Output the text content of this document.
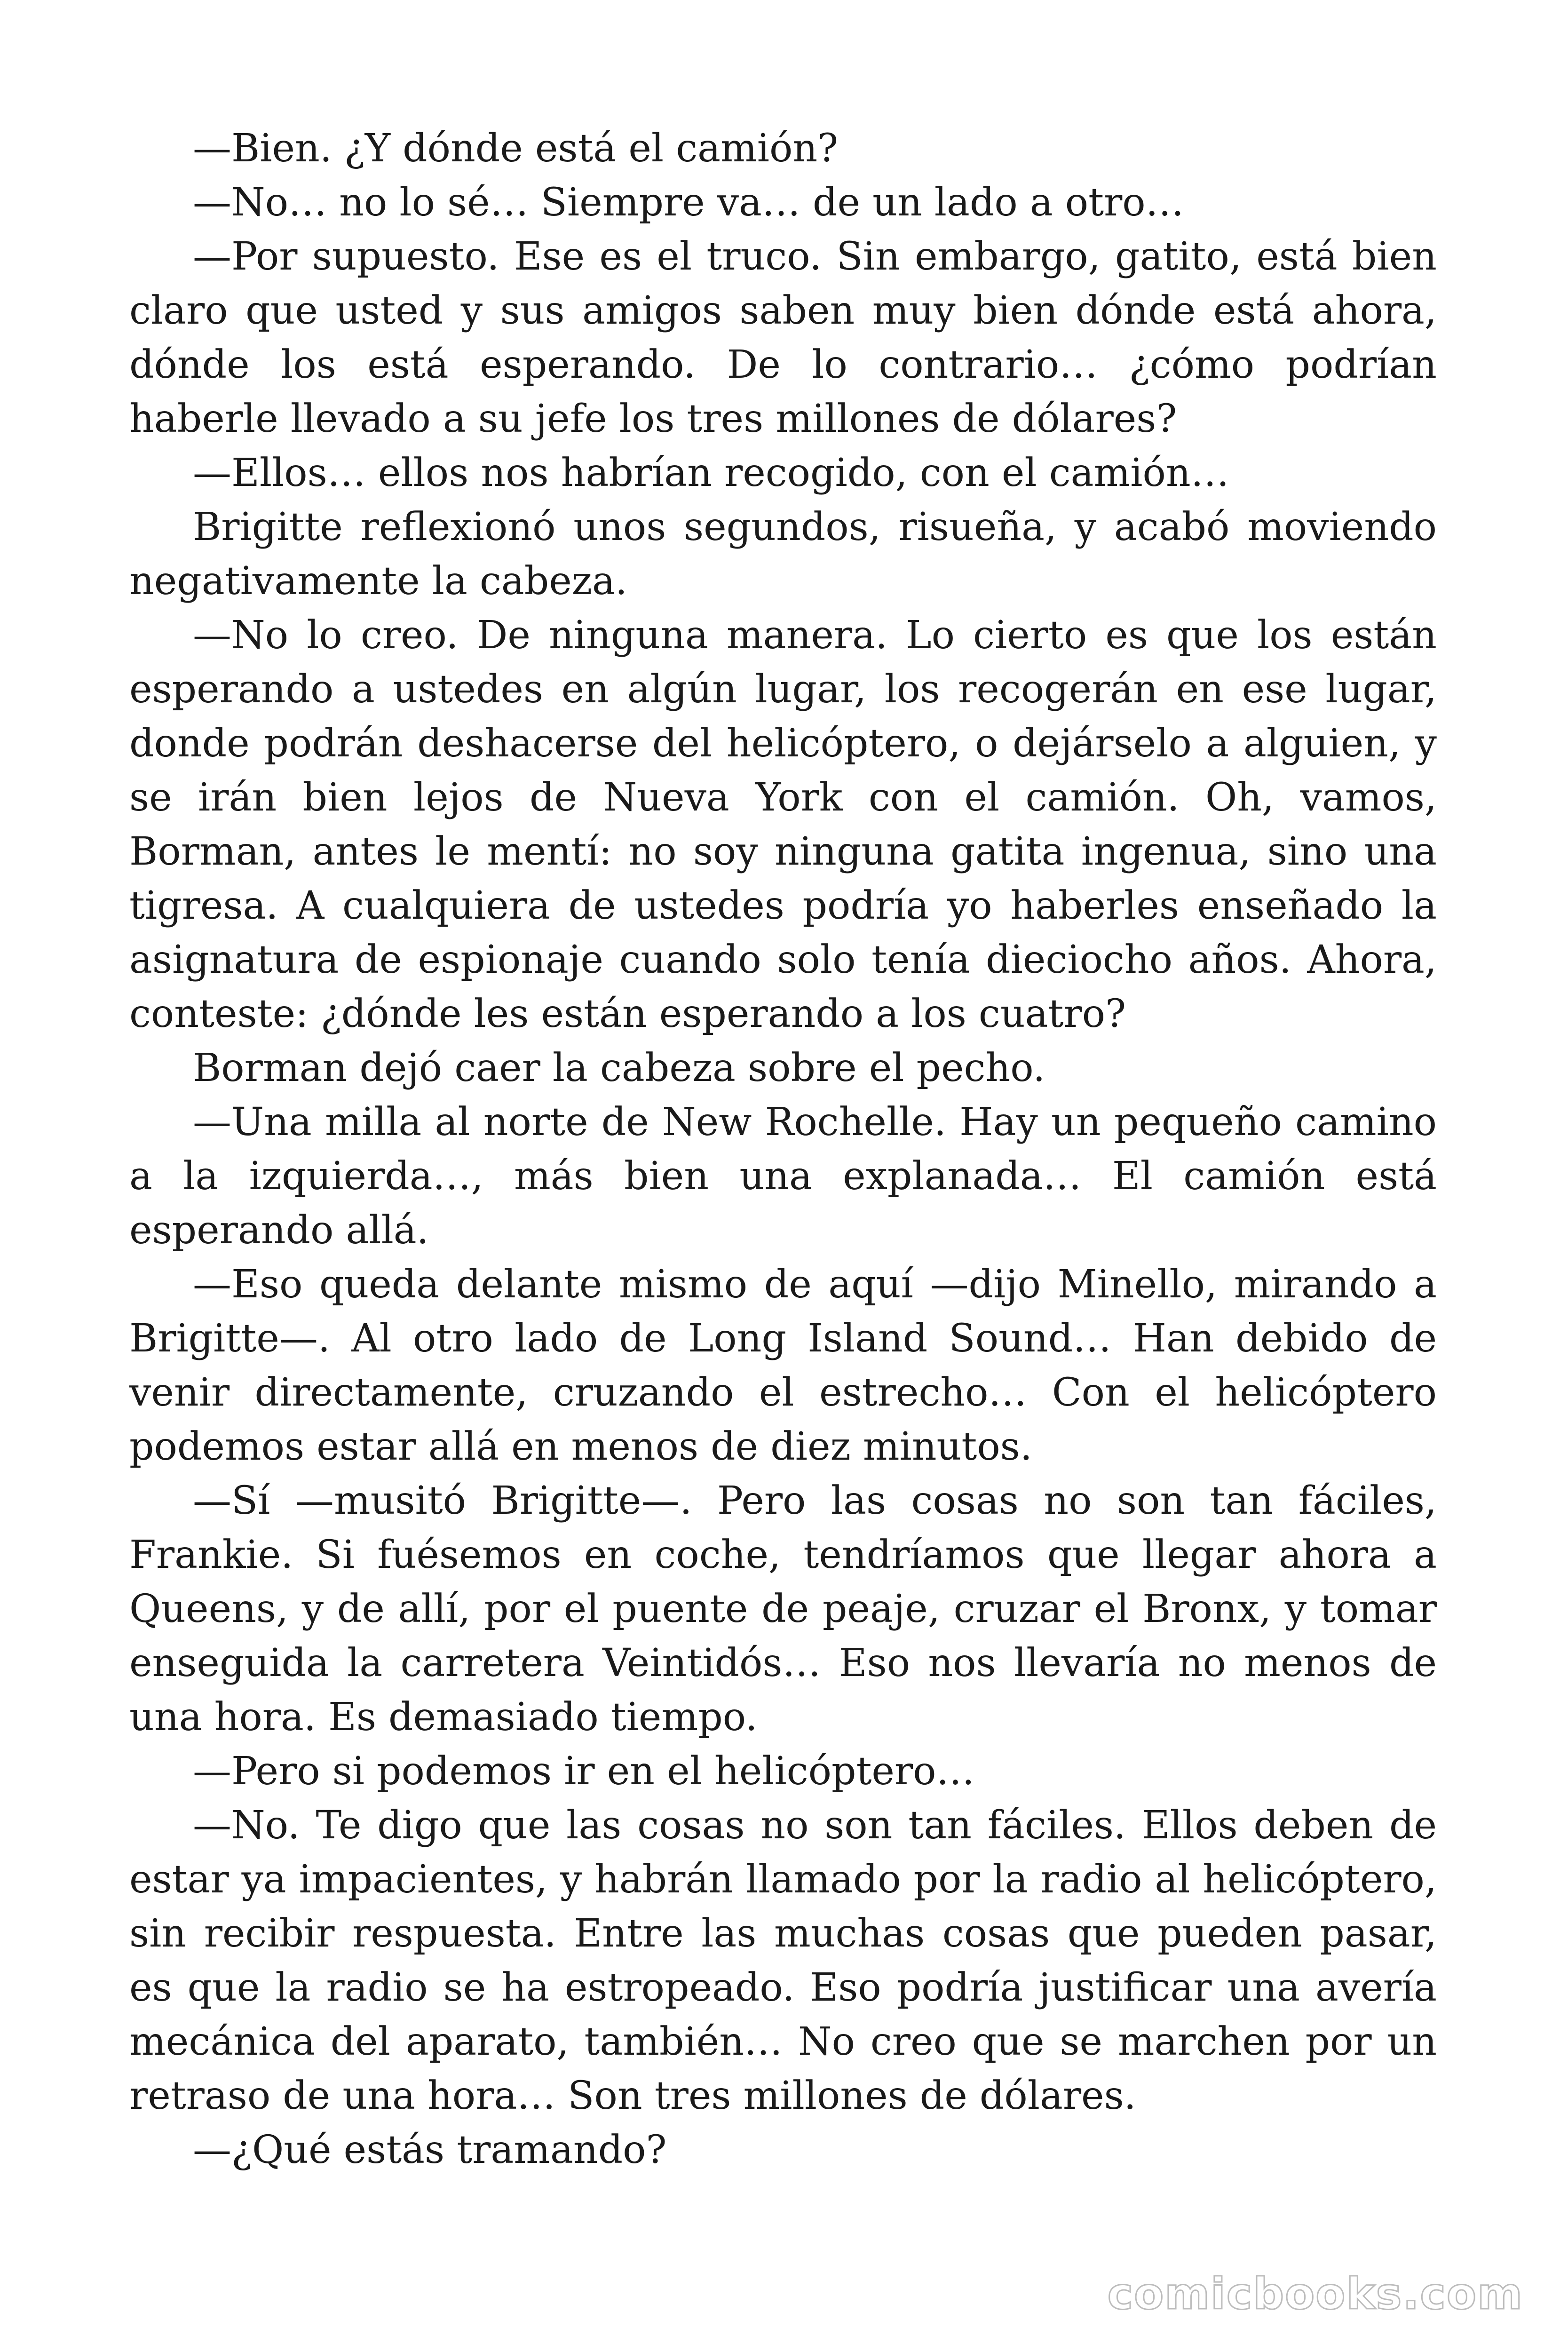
—Bien. ¿Y dónde está el camión?

—No… no lo sé… Siempre va… de un lado a otro…

—Por supuesto. Ese es el truco. Sin embargo, gatito, está bien claro que usted y sus amigos saben muy bien dónde está ahora, dónde los está esperando. De lo contrario… ¿cómo podrían haberle llevado a su jefe los tres millones de dólares?

—Ellos… ellos nos habrían recogido, con el camión…

Brigitte reflexionó unos segundos, risueña, y acabó moviendo negativamente la cabeza.

—No lo creo. De ninguna manera. Lo cierto es que los están esperando a ustedes en algún lugar, los recogerán en ese lugar, donde podrán deshacerse del helicóptero, o dejárselo a alguien, y se irán bien lejos de Nueva York con el camión. Oh, vamos, Borman, antes le mentí: no soy ninguna gatita ingenua, sino una tigresa. A cualquiera de ustedes podría yo haberles enseñado la asignatura de espionaje cuando solo tenía dieciocho años. Ahora, conteste: ¿dónde les están esperando a los cuatro?

Borman dejó caer la cabeza sobre el pecho.

—Una milla al norte de New Rochelle. Hay un pequeño camino a la izquierda…, más bien una explanada… El camión está esperando allá.

—Eso queda delante mismo de aquí —dijo Minello, mirando a Brigitte—. Al otro lado de Long Island Sound… Han debido de venir directamente, cruzando el estrecho… Con el helicóptero podemos estar allá en menos de diez minutos.

—Sí —musitó Brigitte—. Pero las cosas no son tan fáciles, Frankie. Si fuésemos en coche, tendríamos que llegar ahora a Queens, y de allí, por el puente de peaje, cruzar el Bronx, y tomar enseguida la carretera Veintidós… Eso nos llevaría no menos de una hora. Es demasiado tiempo.

—Pero si podemos ir en el helicóptero…

—No. Te digo que las cosas no son tan fáciles. Ellos deben de estar ya impacientes, y habrán llamado por la radio al helicóptero, sin recibir respuesta. Entre las muchas cosas que pueden pasar, es que la radio se ha estropeado. Eso podría justificar una avería mecánica del aparato, también… No creo que se marchen por un retraso de una hora… Son tres millones de dólares.

—¿Qué estás tramando?

comicbooks.com
